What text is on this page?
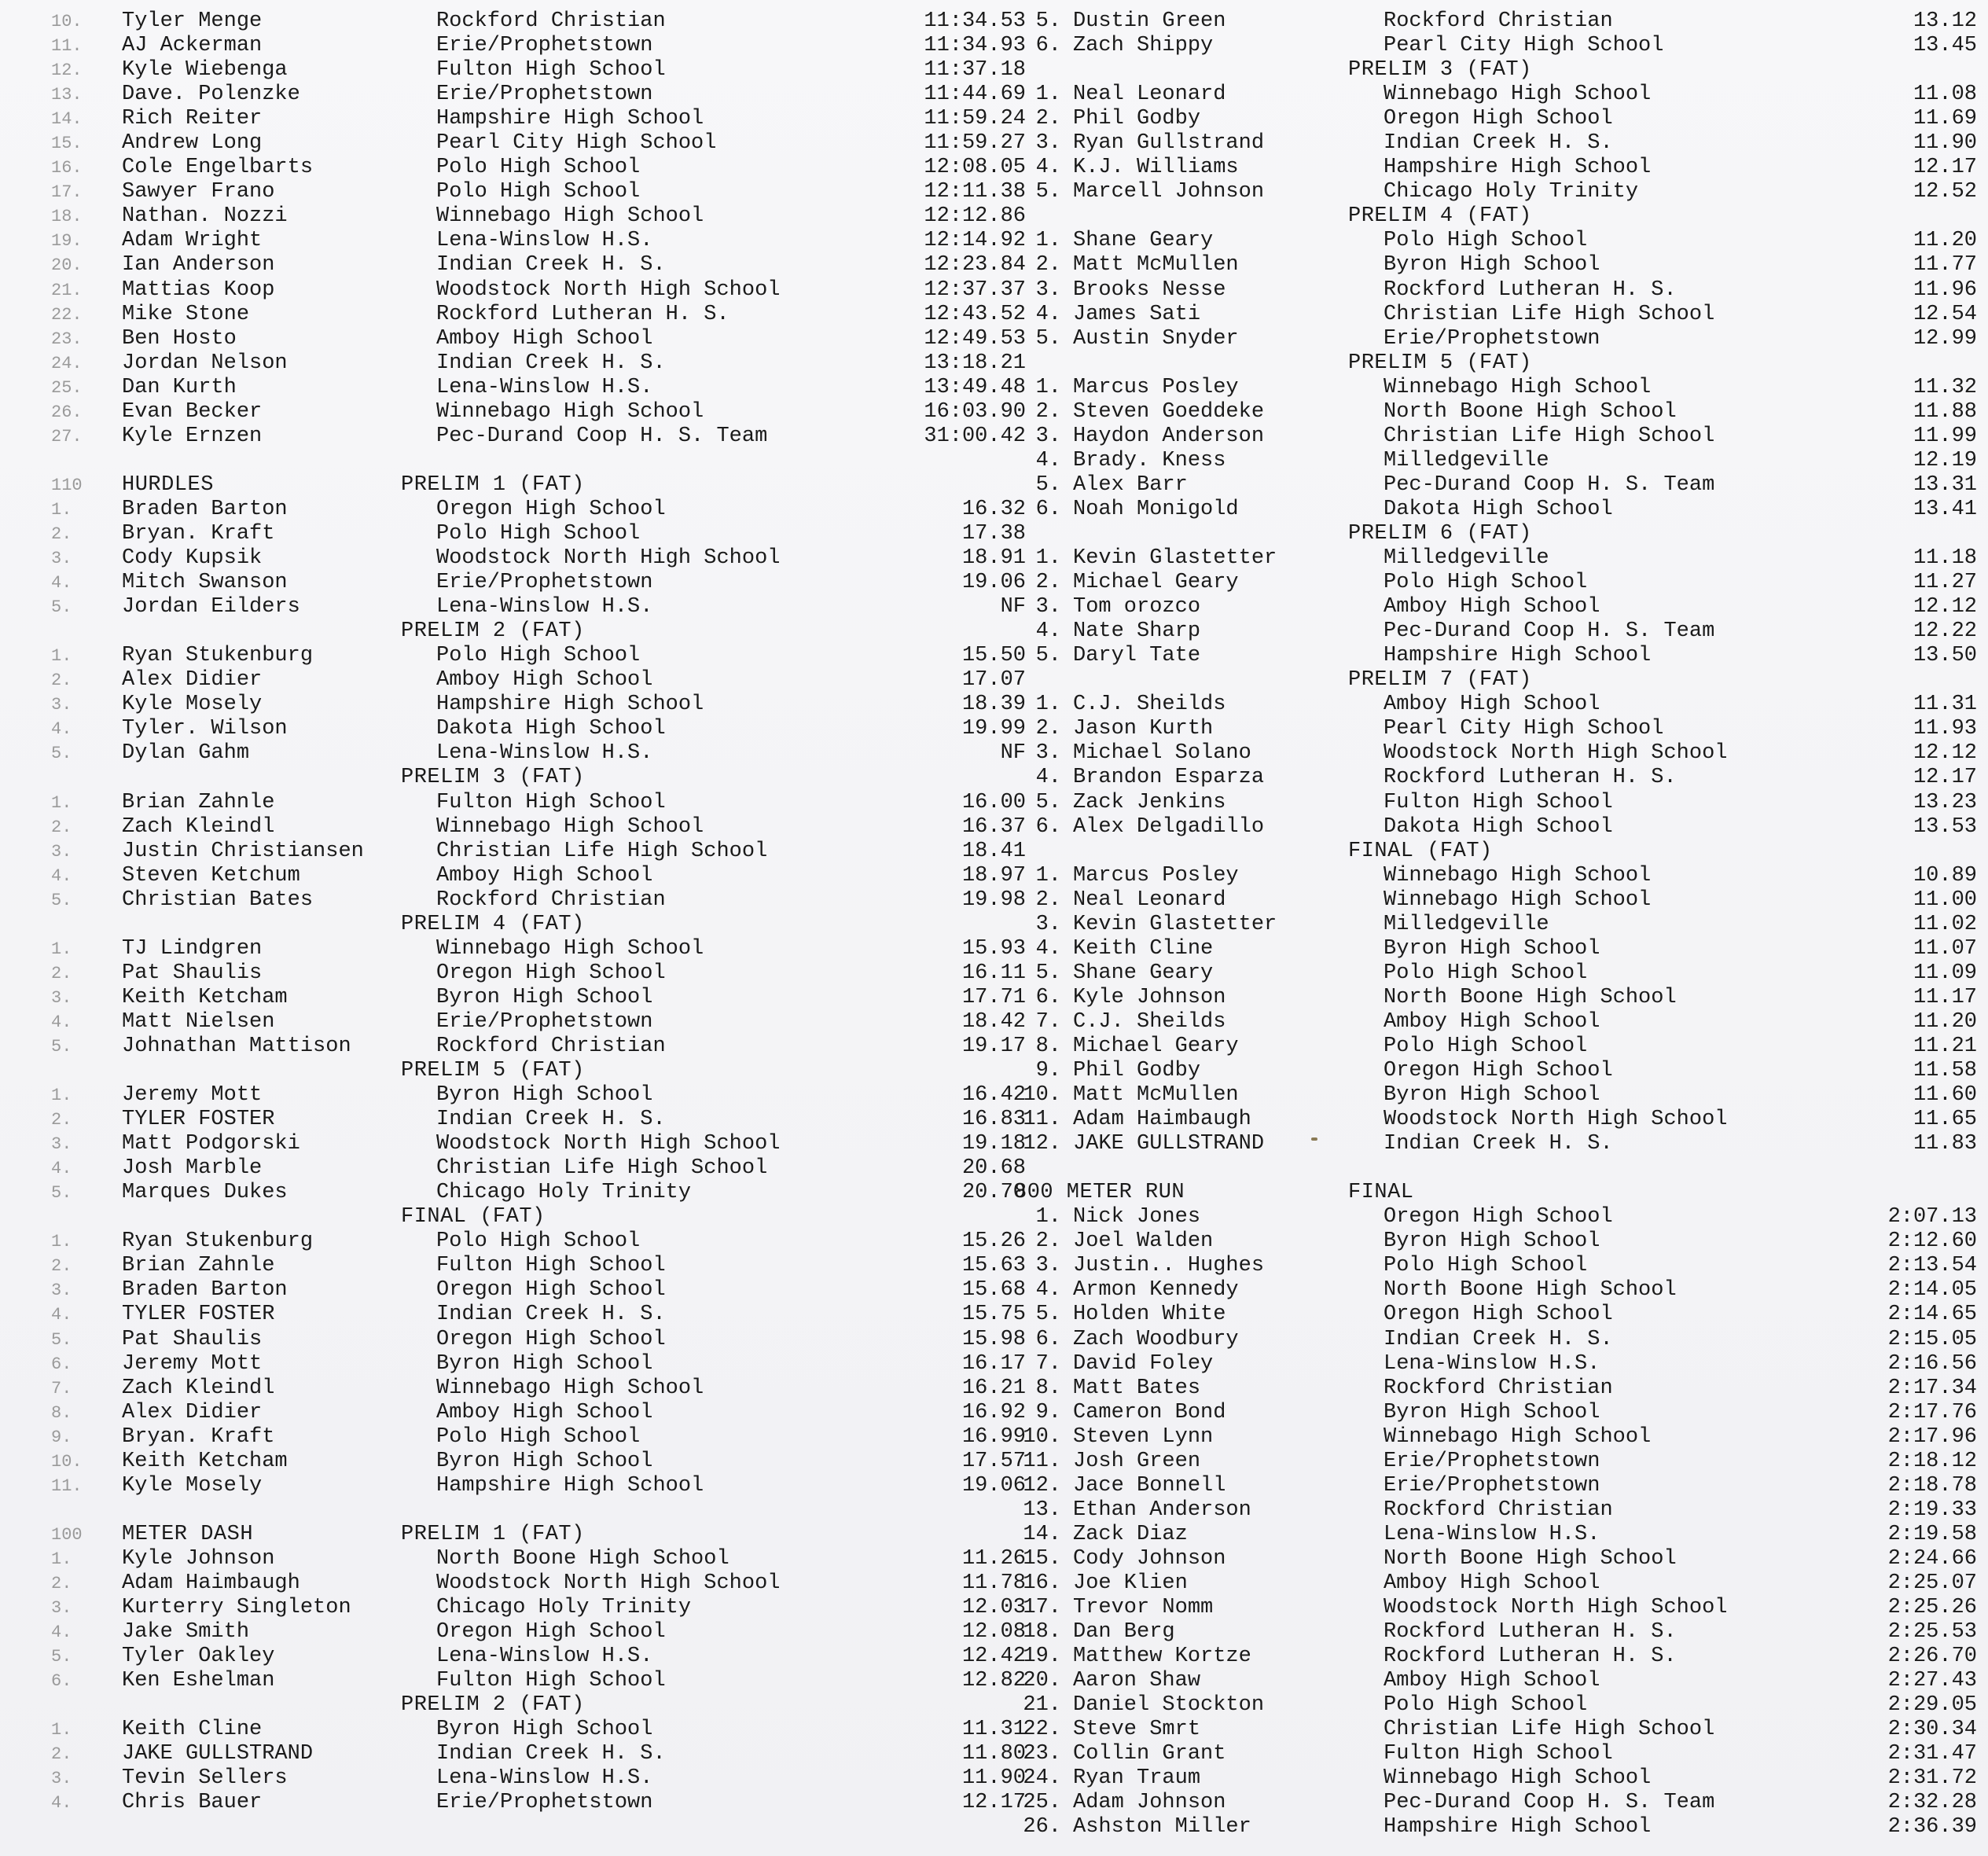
10.	Tyler Menge	Rockford Christian	11:34.53
11.	AJ Ackerman	Erie/Prophetstown	11:34.93
12.	Kyle Wiebenga	Fulton High School	11:37.18
13.	Dave. Polenzke	Erie/Prophetstown	11:44.69
14.	Rich Reiter	Hampshire High School	11:59.24
15.	Andrew Long	Pearl City High School	11:59.27
16.	Cole Engelbarts	Polo High School	12:08.05
17.	Sawyer Frano	Polo High School	12:11.38
18.	Nathan. Nozzi	Winnebago High School	12:12.86
19.	Adam Wright	Lena-Winslow H.S.	12:14.92
20.	Ian Anderson	Indian Creek H. S.	12:23.84
21.	Mattias Koop	Woodstock North High School	12:37.37
22.	Mike Stone	Rockford Lutheran H. S.	12:43.52
23.	Ben Hosto	Amboy High School	12:49.53
24.	Jordan Nelson	Indian Creek H. S.	13:18.21
25.	Dan Kurth	Lena-Winslow H.S.	13:49.48
26.	Evan Becker	Winnebago High School	16:03.90
27.	Kyle Ernzen	Pec-Durand Coop H. S. Team	31:00.42
110	HURDLES	PRELIM 1 (FAT)
1.	Braden Barton	Oregon High School	16.32
2.	Bryan. Kraft	Polo High School	17.38
3.	Cody Kupsik	Woodstock North High School	18.91
4.	Mitch Swanson	Erie/Prophetstown	19.06
5.	Jordan Eilders	Lena-Winslow H.S.	NF
PRELIM 2 (FAT)
1.	Ryan Stukenburg	Polo High School	15.50
2.	Alex Didier	Amboy High School	17.07
3.	Kyle Mosely	Hampshire High School	18.39
4.	Tyler. Wilson	Dakota High School	19.99
5.	Dylan Gahm	Lena-Winslow H.S.	NF
PRELIM 3 (FAT)
1.	Brian Zahnle	Fulton High School	16.00
2.	Zach Kleindl	Winnebago High School	16.37
3.	Justin Christiansen	Christian Life High School	18.41
4.	Steven Ketchum	Amboy High School	18.97
5.	Christian Bates	Rockford Christian	19.98
PRELIM 4 (FAT)
1.	TJ Lindgren	Winnebago High School	15.93
2.	Pat Shaulis	Oregon High School	16.11
3.	Keith Ketcham	Byron High School	17.71
4.	Matt Nielsen	Erie/Prophetstown	18.42
5.	Johnathan Mattison	Rockford Christian	19.17
PRELIM 5 (FAT)
1.	Jeremy Mott	Byron High School	16.42
2.	TYLER FOSTER	Indian Creek H. S.	16.83
3.	Matt Podgorski	Woodstock North High School	19.18
4.	Josh Marble	Christian Life High School	20.68
5.	Marques Dukes	Chicago Holy Trinity	20.70
FINAL (FAT)
1.	Ryan Stukenburg	Polo High School	15.26
2.	Brian Zahnle	Fulton High School	15.63
3.	Braden Barton	Oregon High School	15.68
4.	TYLER FOSTER	Indian Creek H. S.	15.75
5.	Pat Shaulis	Oregon High School	15.98
6.	Jeremy Mott	Byron High School	16.17
7.	Zach Kleindl	Winnebago High School	16.21
8.	Alex Didier	Amboy High School	16.92
9.	Bryan. Kraft	Polo High School	16.99
10.	Keith Ketcham	Byron High School	17.57
11.	Kyle Mosely	Hampshire High School	19.06
100	METER DASH	PRELIM 1 (FAT)
1.	Kyle Johnson	North Boone High School	11.26
2.	Adam Haimbaugh	Woodstock North High School	11.78
3.	Kurterry Singleton	Chicago Holy Trinity	12.03
4.	Jake Smith	Oregon High School	12.08
5.	Tyler Oakley	Lena-Winslow H.S.	12.42
6.	Ken Eshelman	Fulton High School	12.82
PRELIM 2 (FAT)
1.	Keith Cline	Byron High School	11.31
2.	JAKE GULLSTRAND	Indian Creek H. S.	11.80
3.	Tevin Sellers	Lena-Winslow H.S.	11.90
4.	Chris Bauer	Erie/Prophetstown	12.17
5. Dustin Green	Rockford Christian	13.12
6. Zach Shippy	Pearl City High School	13.45
PRELIM 3 (FAT)
1. Neal Leonard	Winnebago High School	11.08
2. Phil Godby	Oregon High School	11.69
3. Ryan Gullstrand	Indian Creek H. S.	11.90
4. K.J. Williams	Hampshire High School	12.17
5. Marcell Johnson	Chicago Holy Trinity	12.52
PRELIM 4 (FAT)
1. Shane Geary	Polo High School	11.20
2. Matt McMullen	Byron High School	11.77
3. Brooks Nesse	Rockford Lutheran H. S.	11.96
4. James Sati	Christian Life High School	12.54
5. Austin Snyder	Erie/Prophetstown	12.99
PRELIM 5 (FAT)
1. Marcus Posley	Winnebago High School	11.32
2. Steven Goeddeke	North Boone High School	11.88
3. Haydon Anderson	Christian Life High School	11.99
4. Brady. Kness	Milledgeville	12.19
5. Alex Barr	Pec-Durand Coop H. S. Team	13.31
6. Noah Monigold	Dakota High School	13.41
PRELIM 6 (FAT)
1. Kevin Glastetter	Milledgeville	11.18
2. Michael Geary	Polo High School	11.27
3. Tom orozco	Amboy High School	12.12
4. Nate Sharp	Pec-Durand Coop H. S. Team	12.22
5. Daryl Tate	Hampshire High School	13.50
PRELIM 7 (FAT)
1. C.J. Sheilds	Amboy High School	11.31
2. Jason Kurth	Pearl City High School	11.93
3. Michael Solano	Woodstock North High School	12.12
4. Brandon Esparza	Rockford Lutheran H. S.	12.17
5. Zack Jenkins	Fulton High School	13.23
6. Alex Delgadillo	Dakota High School	13.53
FINAL (FAT)
1. Marcus Posley	Winnebago High School	10.89
2. Neal Leonard	Winnebago High School	11.00
3. Kevin Glastetter	Milledgeville	11.02
4. Keith Cline	Byron High School	11.07
5. Shane Geary	Polo High School	11.09
6. Kyle Johnson	North Boone High School	11.17
7. C.J. Sheilds	Amboy High School	11.20
8. Michael Geary	Polo High School	11.21
9. Phil Godby	Oregon High School	11.58
10. Matt McMullen	Byron High School	11.60
11. Adam Haimbaugh	Woodstock North High School	11.65
12. JAKE GULLSTRAND	Indian Creek H. S.	11.83
800 METER RUN	FINAL
1. Nick Jones	Oregon High School	2:07.13
2. Joel Walden	Byron High School	2:12.60
3. Justin.. Hughes	Polo High School	2:13.54
4. Armon Kennedy	North Boone High School	2:14.05
5. Holden White	Oregon High School	2:14.65
6. Zach Woodbury	Indian Creek H. S.	2:15.05
7. David Foley	Lena-Winslow H.S.	2:16.56
8. Matt Bates	Rockford Christian	2:17.34
9. Cameron Bond	Byron High School	2:17.76
10. Steven Lynn	Winnebago High School	2:17.96
11. Josh Green	Erie/Prophetstown	2:18.12
12. Jace Bonnell	Erie/Prophetstown	2:18.78
13. Ethan Anderson	Rockford Christian	2:19.33
14. Zack Diaz	Lena-Winslow H.S.	2:19.58
15. Cody Johnson	North Boone High School	2:24.66
16. Joe Klien	Amboy High School	2:25.07
17. Trevor Nomm	Woodstock North High School	2:25.26
18. Dan Berg	Rockford Lutheran H. S.	2:25.53
19. Matthew Kortze	Rockford Lutheran H. S.	2:26.70
20. Aaron Shaw	Amboy High School	2:27.43
21. Daniel Stockton	Polo High School	2:29.05
22. Steve Smrt	Christian Life High School	2:30.34
23. Collin Grant	Fulton High School	2:31.47
24. Ryan Traum	Winnebago High School	2:31.72
25. Adam Johnson	Pec-Durand Coop H. S. Team	2:32.28
26. Ashston Miller	Hampshire High School	2:36.39
